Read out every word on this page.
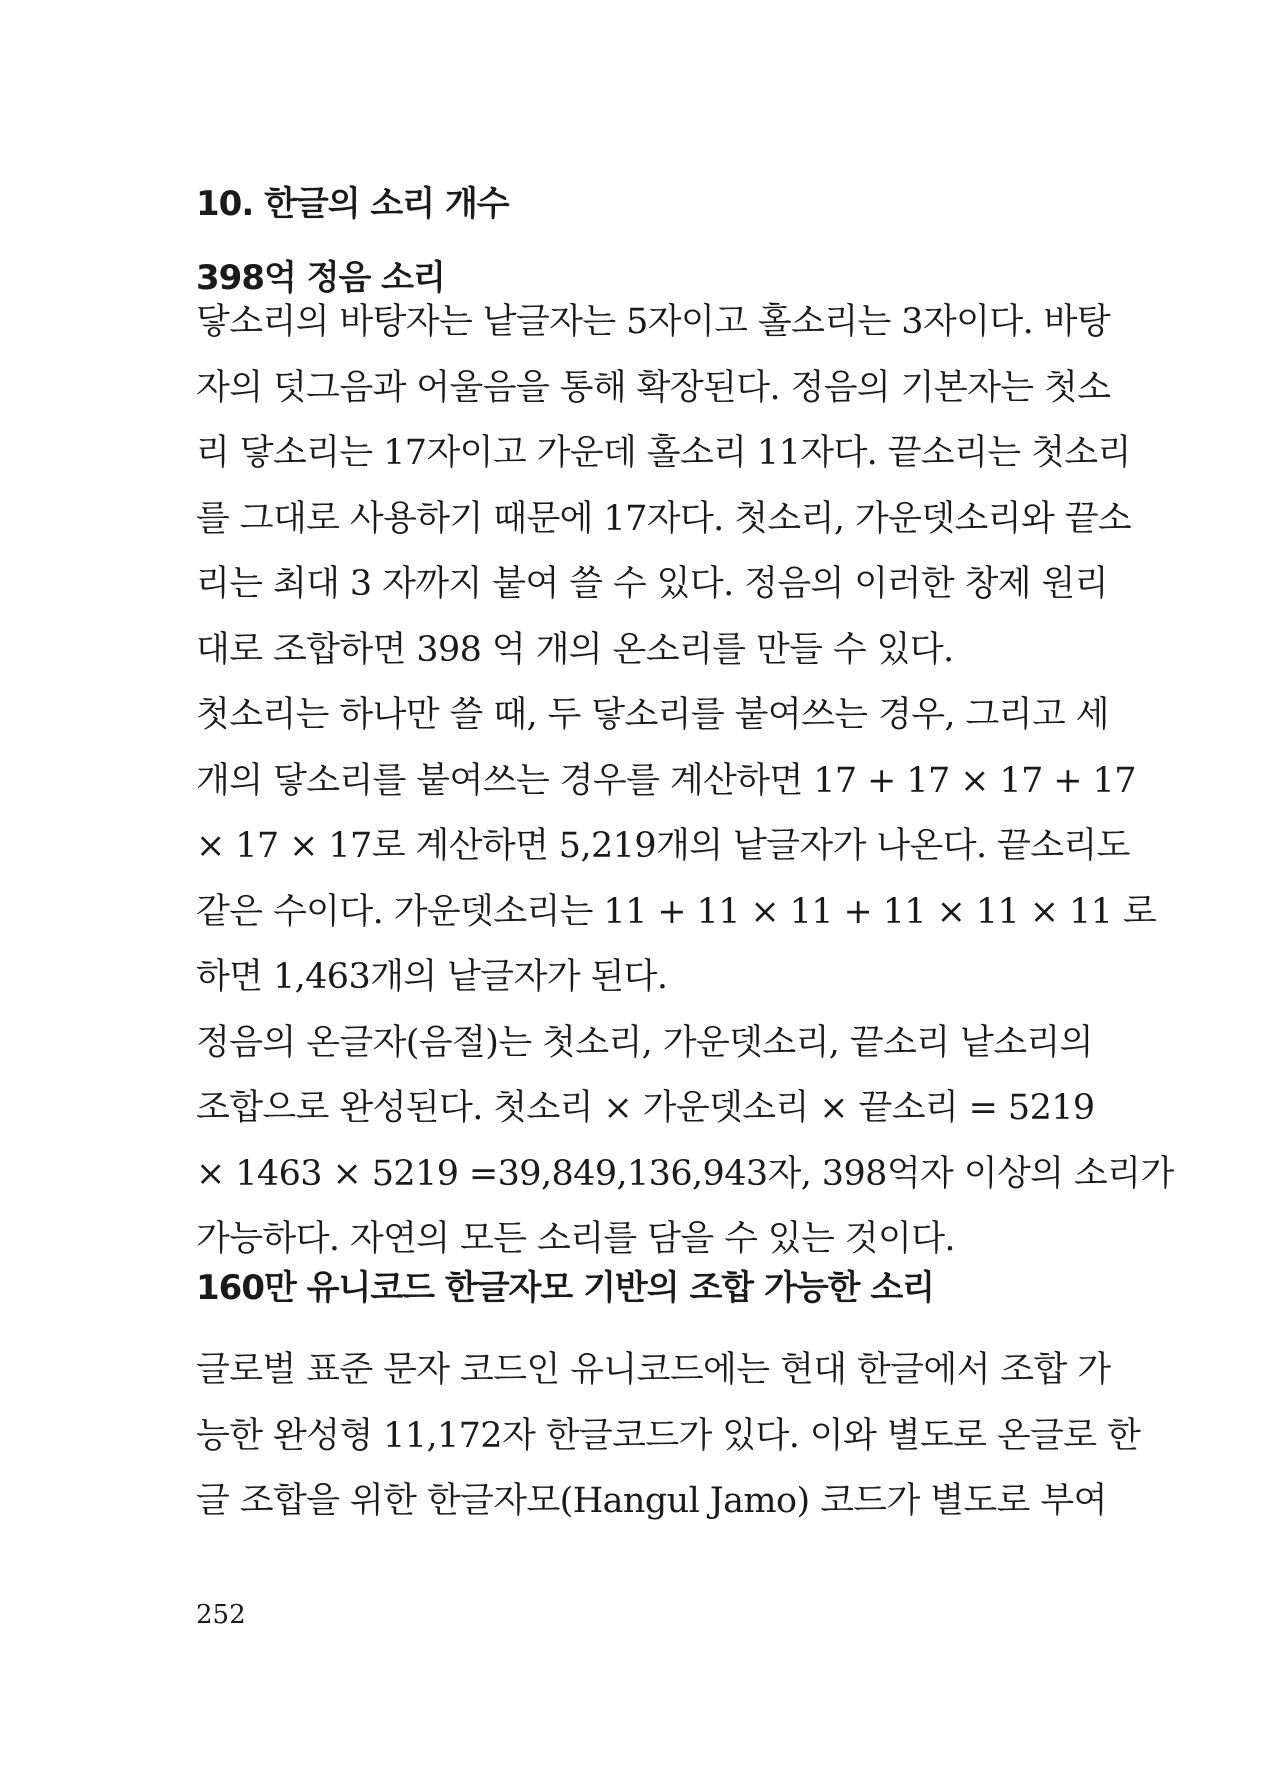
10. 한글의 소리 개수
398억 정음 소리
닿소리의 바탕자는 낱글자는 5자이고 홀소리는 3자이다. 바탕
자의 덧그음과 어울음을 통해 확장된다. 정음의 기본자는 첫소
리 닿소리는 17자이고 가운데 홀소리 11자다. 끝소리는 첫소리
를 그대로 사용하기 때문에 17자다. 첫소리, 가운뎃소리와 끝소
리는 최대 3 자까지 붙여 쓸 수 있다. 정음의 이러한 창제 원리
대로 조합하면 398 억 개의 온소리를 만들 수 있다.
첫소리는 하나만 쓸 때, 두 닿소리를 붙여쓰는 경우, 그리고 세
개의 닿소리를 붙여쓰는 경우를 계산하면 17 + 17 × 17 + 17
× 17 × 17로 계산하면 5,219개의 낱글자가 나온다. 끝소리도
같은 수이다. 가운뎃소리는 11 + 11 × 11 + 11 × 11 × 11 로
하면 1,463개의 낱글자가 된다.
정음의 온글자(음절)는 첫소리, 가운뎃소리, 끝소리 낱소리의
조합으로 완성된다. 첫소리 × 가운뎃소리 × 끝소리 = 5219
× 1463 × 5219 =39,849,136,943자, 398억자 이상의 소리가
가능하다. 자연의 모든 소리를 담을 수 있는 것이다.
160만 유니코드 한글자모 기반의 조합 가능한 소리
글로벌 표준 문자 코드인 유니코드에는 현대 한글에서 조합 가
능한 완성형 11,172자 한글코드가 있다. 이와 별도로 온글로 한
글 조합을 위한 한글자모(Hangul Jamo) 코드가 별도로 부여
252
